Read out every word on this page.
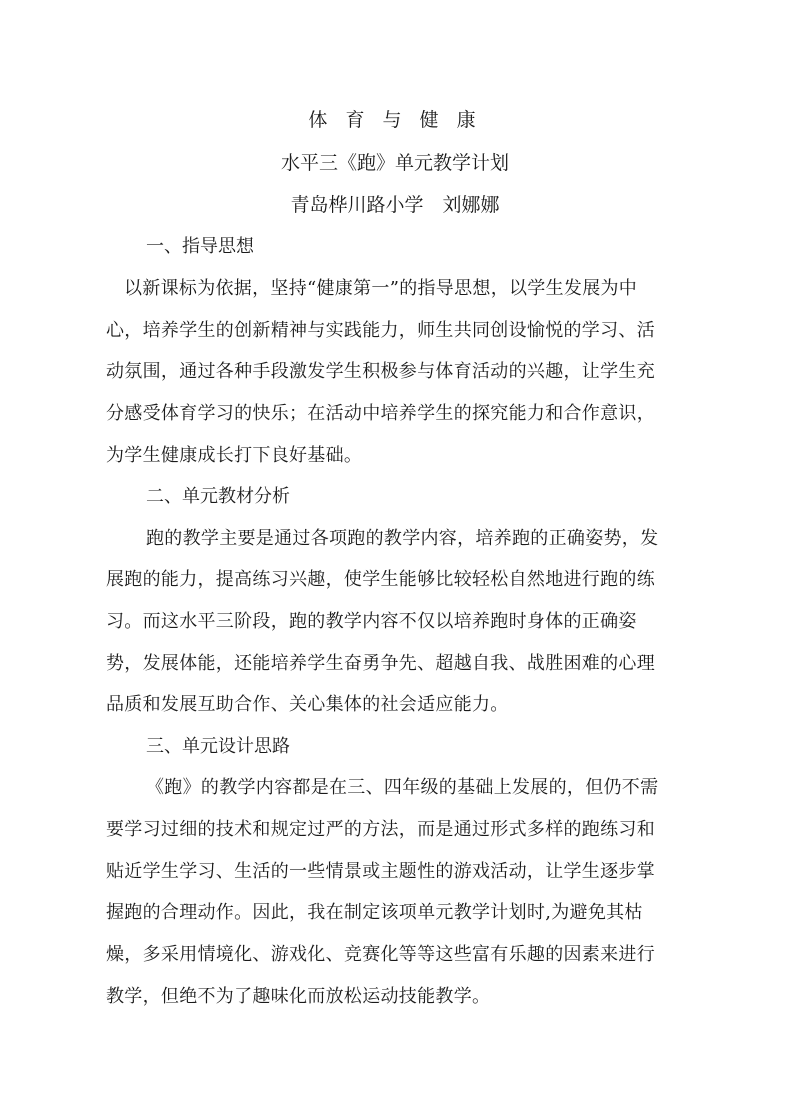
体 育 与 健 康
水平三《跑》单元教学计划
青岛桦川路小学　刘娜娜
一、指导思想
以新课标为依据，坚持“健康第一”的指导思想，以学生发展为中
心，培养学生的创新精神与实践能力，师生共同创设愉悦的学习、活
动氛围，通过各种手段激发学生积极参与体育活动的兴趣，让学生充
分感受体育学习的快乐；在活动中培养学生的探究能力和合作意识，
为学生健康成长打下良好基础。
二、单元教材分析
跑的教学主要是通过各项跑的教学内容，培养跑的正确姿势，发
展跑的能力，提高练习兴趣，使学生能够比较轻松自然地进行跑的练
习。而这水平三阶段，跑的教学内容不仅以培养跑时身体的正确姿
势，发展体能，还能培养学生奋勇争先、超越自我、战胜困难的心理
品质和发展互助合作、关心集体的社会适应能力。
三、单元设计思路
《跑》的教学内容都是在三、四年级的基础上发展的，但仍不需
要学习过细的技术和规定过严的方法，而是通过形式多样的跑练习和
贴近学生学习、生活的一些情景或主题性的游戏活动，让学生逐步掌
握跑的合理动作。因此，我在制定该项单元教学计划时,为避免其枯
燥，多采用情境化、游戏化、竞赛化等等这些富有乐趣的因素来进行
教学，但绝不为了趣味化而放松运动技能教学。
